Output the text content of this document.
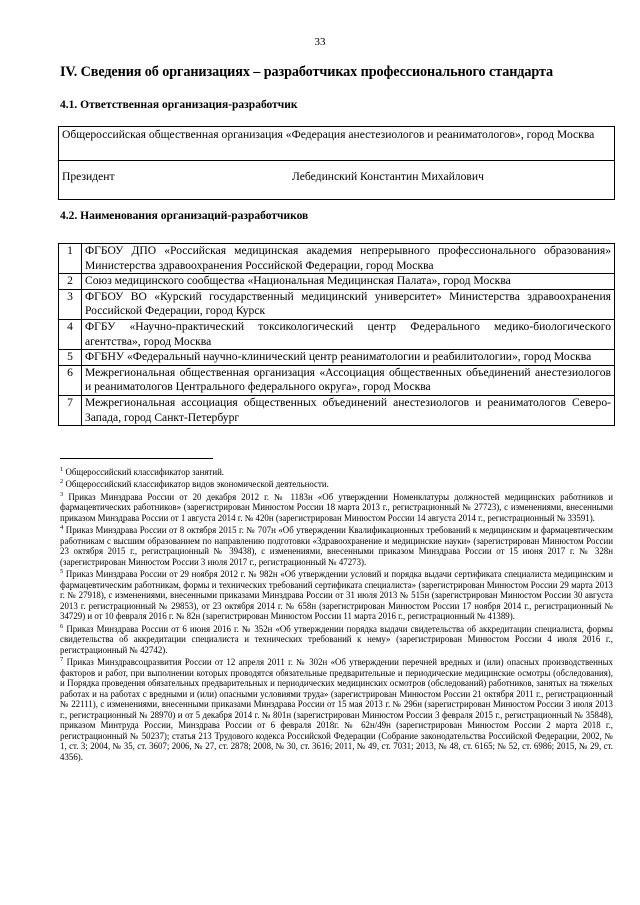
33
IV. Сведения об организациях – разработчиках профессионального стандарта
4.1. Ответственная организация-разработчик
Общероссийская общественная организация «Федерация анестезиологов и реаниматологов», город Москва
Президент	Лебединский Константин Михайлович
4.2. Наименования организаций-разработчиков
1	ФГБОУ ДПО «Российская медицинская академия непрерывного профессионального образования» Министерства здравоохранения Российской Федерации, город Москва
2	Союз медицинского сообщества «Национальная Медицинская Палата», город Москва
3	ФГБОУ ВО «Курский государственный медицинский университет» Министерства здравоохранения Российской Федерации, город Курск
4	ФГБУ «Научно-практический токсикологический центр Федерального медико-биологического агентства», город Москва
5	ФГБНУ «Федеральный научно-клинический центр реаниматологии и реабилитологии», город Москва
6	Межрегиональная общественная организация «Ассоциация общественных объединений анестезиологов и реаниматологов Центрального федерального округа», город Москва
7	Межрегиональная ассоциация общественных объединений анестезиологов и реаниматологов Северо-Запада, город Санкт-Петербург

$^1$ Общероссийский классификатор занятий.

$^2$ Общероссийский классификатор видов экономической деятельности.

$^3$ Приказ Минздрава России от 20 декабря 2012 г. № 1183н «Об утверждении Номенклатуры должностей медицинских работников и фармацевтических работников» (зарегистрирован Минюстом России 18 марта 2013 г., регистрационный № 27723), с изменениями, внесенными приказом Минздрава России от 1 августа 2014 г. № 420н (зарегистрирован Минюстом России 14 августа 2014 г., регистрационный № 33591).

$^4$ Приказ Минздрава России от 8 октября 2015 г. № 707н «Об утверждении Квалификационных требований к медицинским и фармацевтическим работникам с высшим образованием по направлению подготовки «Здравоохранение и медицинские науки» (зарегистрирован Минюстом России 23 октября 2015 г., регистрационный № 39438), с изменениями, внесенными приказом Минздрава России от 15 июня 2017 г. № 328н (зарегистрирован Минюстом России 3 июля 2017 г., регистрационный № 47273).

$^5$ Приказ Минздрава России от 29 ноября 2012 г. № 982н «Об утверждении условий и порядка выдачи сертификата специалиста медицинским и фармацевтическим работникам, формы и технических требований сертификата специалиста» (зарегистрирован Минюстом России 29 марта 2013 г. № 27918), с изменениями, внесенными приказами Минздрава России от 31 июля 2013 № 515н (зарегистрирован Минюстом России 30 августа 2013 г. регистрационный № 29853), от 23 октября 2014 г. № 658н (зарегистрирован Минюстом России 17 ноября 2014 г., регистрационный № 34729) и от 10 февраля 2016 г. № 82н (зарегистрирован Минюстом России 11 марта 2016 г., регистрационный № 41389).

$^6$ Приказ Минздрава России от 6 июня 2016 г. № 352н «Об утверждении порядка выдачи свидетельства об аккредитации специалиста, формы свидетельства об аккредитации специалиста и технических требований к нему» (зарегистрирован Минюстом России 4 июля 2016 г., регистрационный № 42742).

$^7$ Приказ Минздравсоцразвития России от 12 апреля 2011 г. № 302н «Об утверждении перечней вредных и (или) опасных производственных факторов и работ, при выполнении которых проводятся обязательные предварительные и периодические медицинские осмотры (обследования), и Порядка проведения обязательных предварительных и периодических медицинских осмотров (обследований) работников, занятых на тяжелых работах и на работах с вредными и (или) опасными условиями труда» (зарегистрирован Минюстом России 21 октября 2011 г., регистрационный № 22111), с изменениями, внесенными приказами Минздрава России от 15 мая 2013 г. № 296н (зарегистрирован Минюстом России 3 июля 2013 г., регистрационный № 28970) и от 5 декабря 2014 г. № 801н (зарегистрирован Минюстом России 3 февраля 2015 г., регистрационный № 35848), приказом Минтруда России, Минздрава России от 6 февраля 2018г. № 62н/49н (зарегистрирован Минюстом России 2 марта 2018 г., регистрационный № 50237); статья 213 Трудового кодекса Российской Федерации (Собрание законодательства Российской Федерации, 2002, № 1, ст. 3; 2004, № 35, ст. 3607; 2006, № 27, ст. 2878; 2008, № 30, ст. 3616; 2011, № 49, ст. 7031; 2013, № 48, ст. 6165; № 52, ст. 6986; 2015, № 29, ст. 4356).
